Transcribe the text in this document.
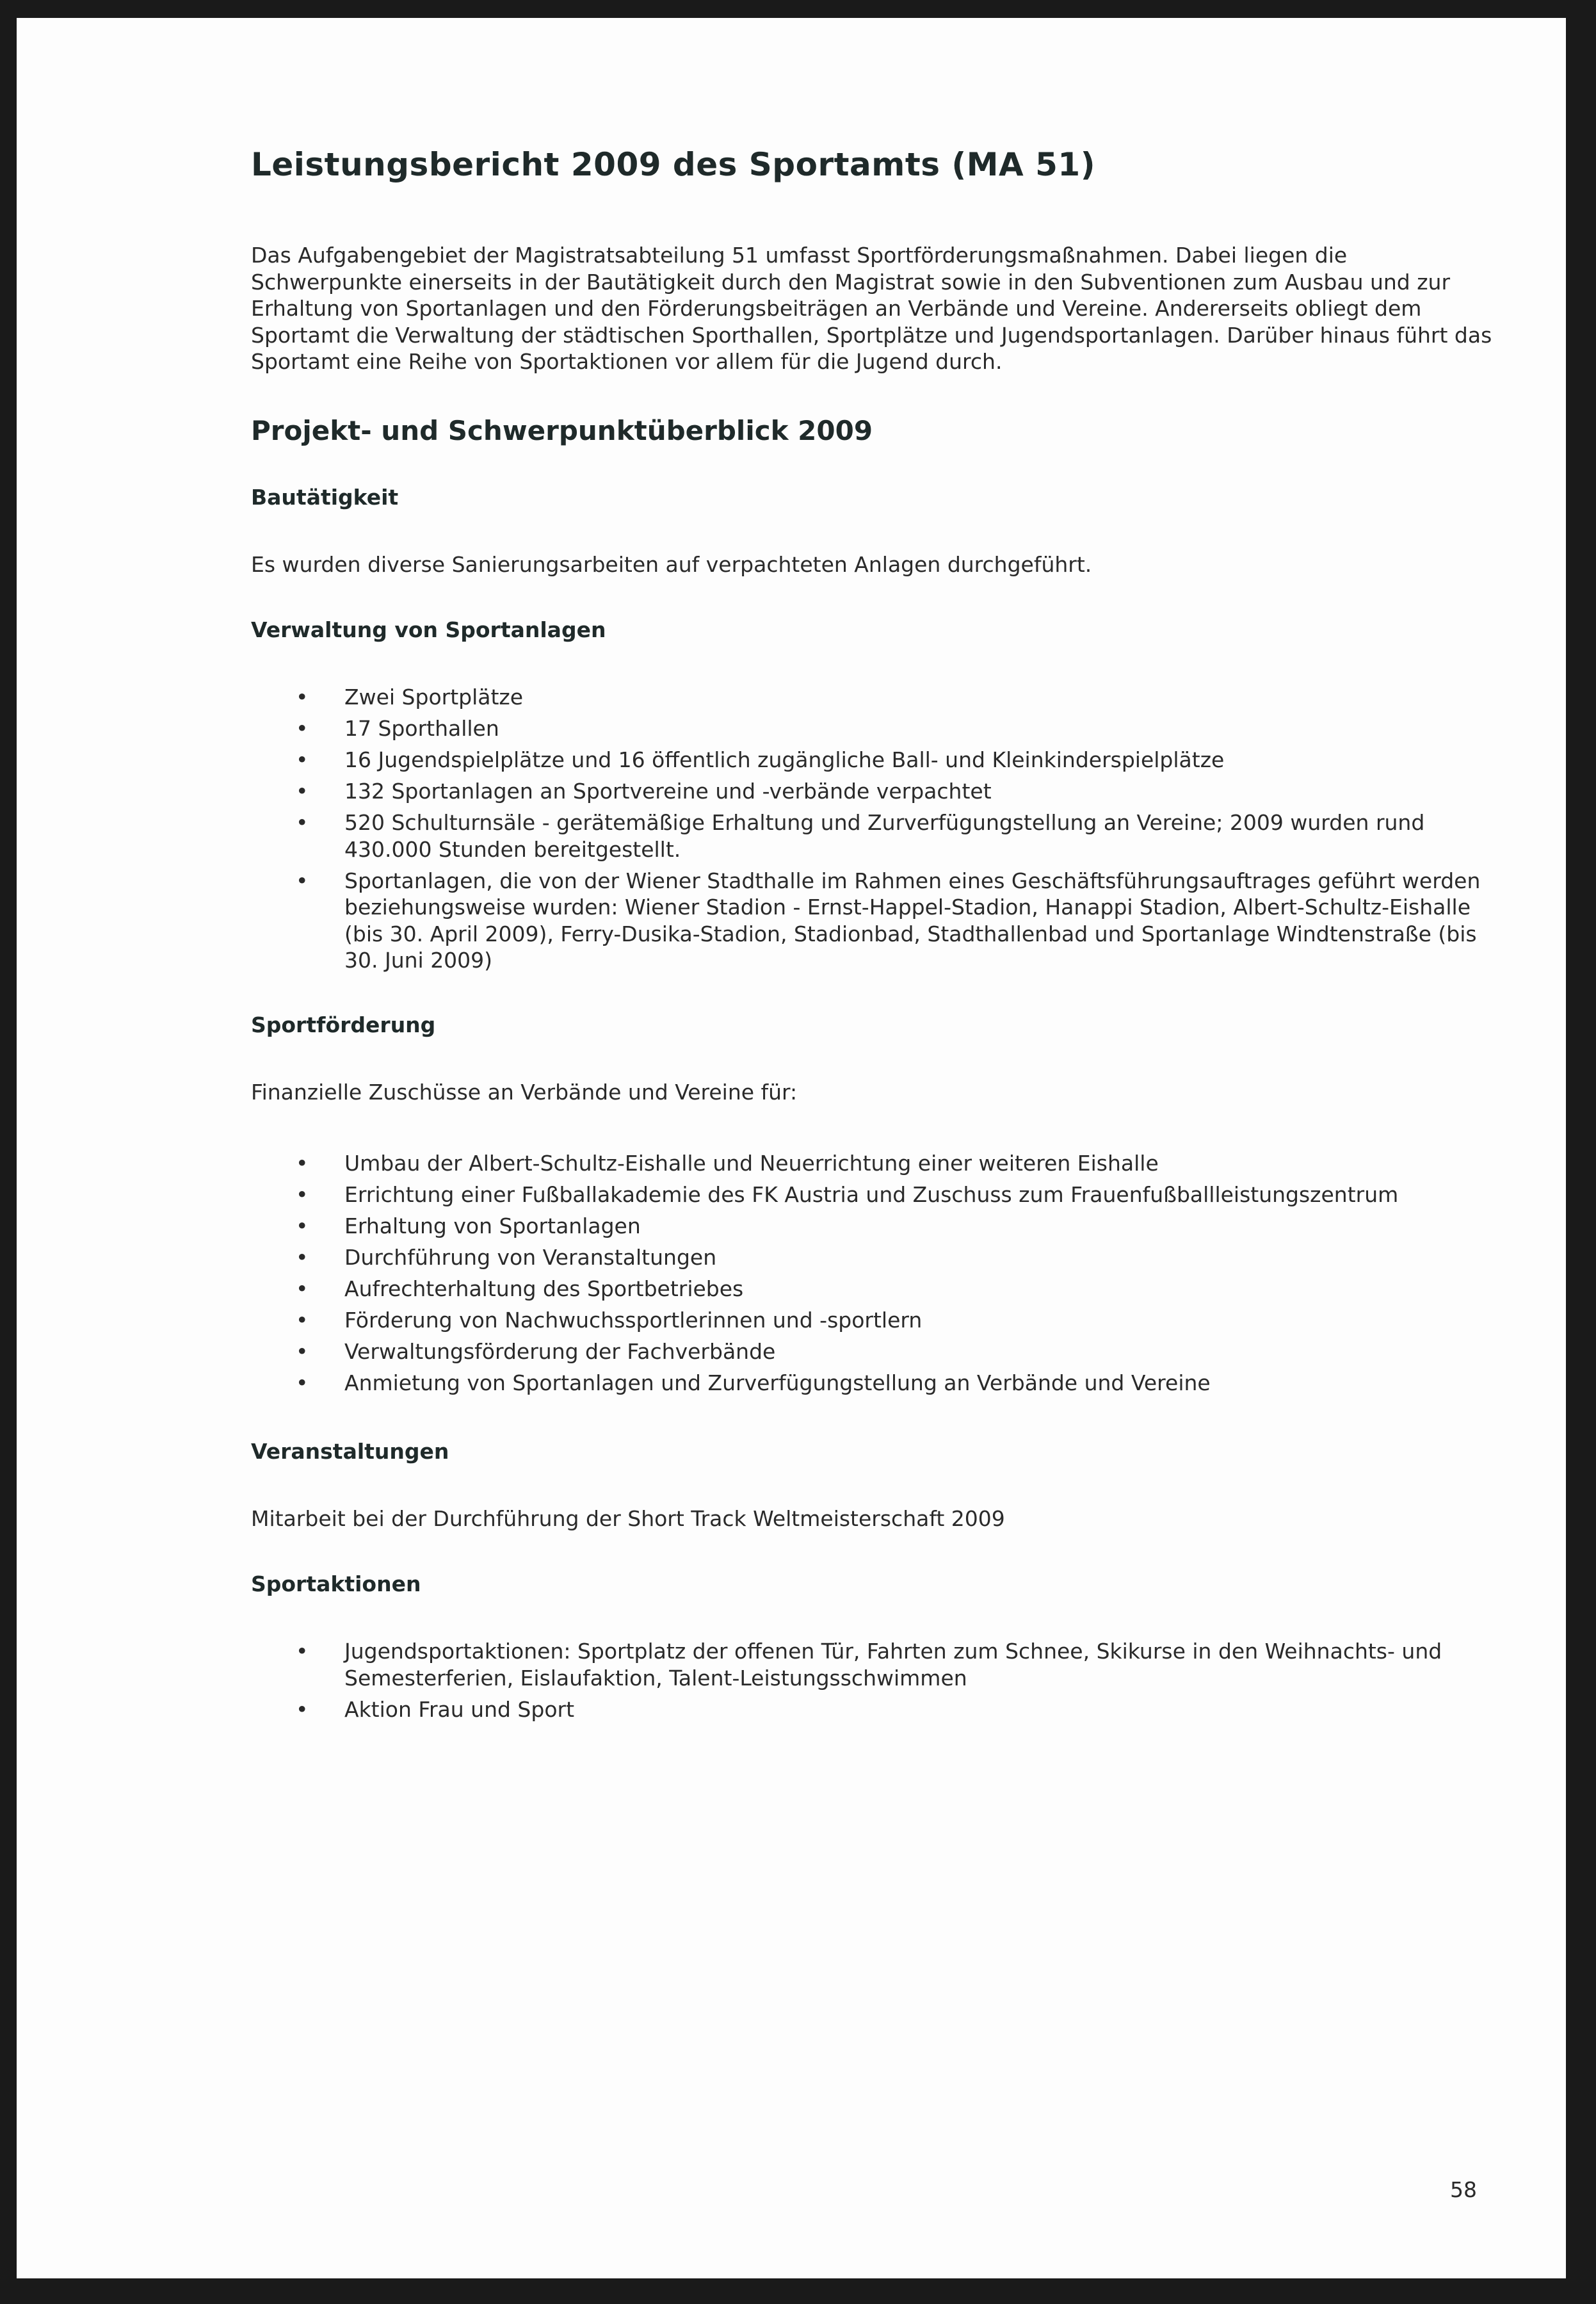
Leistungsbericht 2009 des Sportamts (MA 51)

Das Aufgabengebiet der Magistratsabteilung 51 umfasst Sportförderungsmaßnahmen. Dabei liegen die Schwerpunkte einerseits in der Bautätigkeit durch den Magistrat sowie in den Subventionen zum Ausbau und zur Erhaltung von Sportanlagen und den Förderungsbeiträgen an Verbände und Vereine. Andererseits obliegt dem Sportamt die Verwaltung der städtischen Sporthallen, Sportplätze und Jugendsportanlagen. Darüber hinaus führt das Sportamt eine Reihe von Sportaktionen vor allem für die Jugend durch.

Projekt- und Schwerpunktüberblick 2009
Bautätigkeit

Es wurden diverse Sanierungsarbeiten auf verpachteten Anlagen durchgeführt.

Verwaltung von Sportanlagen
• Zwei Sportplätze
• 17 Sporthallen
• 16 Jugendspielplätze und 16 öffentlich zugängliche Ball- und Kleinkinderspielplätze
• 132 Sportanlagen an Sportvereine und -verbände verpachtet
• 520 Schulturnsäle - gerätemäßige Erhaltung und Zurverfügungstellung an Vereine; 2009 wurden rund 430.000 Stunden bereitgestellt.
• Sportanlagen, die von der Wiener Stadthalle im Rahmen eines Geschäftsführungsauftrages geführt werden beziehungsweise wurden: Wiener Stadion - Ernst-Happel-Stadion, Hanappi Stadion, Albert-Schultz-Eishalle (bis 30. April 2009), Ferry-Dusika-Stadion, Stadionbad, Stadthallenbad und Sportanlage Windtenstraße (bis 30. Juni 2009)
Sportförderung

Finanzielle Zuschüsse an Verbände und Vereine für:

• Umbau der Albert-Schultz-Eishalle und Neuerrichtung einer weiteren Eishalle
• Errichtung einer Fußballakademie des FK Austria und Zuschuss zum Frauenfußballleistungszentrum
• Erhaltung von Sportanlagen
• Durchführung von Veranstaltungen
• Aufrechterhaltung des Sportbetriebes
• Förderung von Nachwuchssportlerinnen und -sportlern
• Verwaltungsförderung der Fachverbände
• Anmietung von Sportanlagen und Zurverfügungstellung an Verbände und Vereine
Veranstaltungen

Mitarbeit bei der Durchführung der Short Track Weltmeisterschaft 2009

Sportaktionen
• Jugendsportaktionen: Sportplatz der offenen Tür, Fahrten zum Schnee, Skikurse in den Weihnachts- und Semesterferien, Eislaufaktion, Talent-Leistungsschwimmen
• Aktion Frau und Sport
58
